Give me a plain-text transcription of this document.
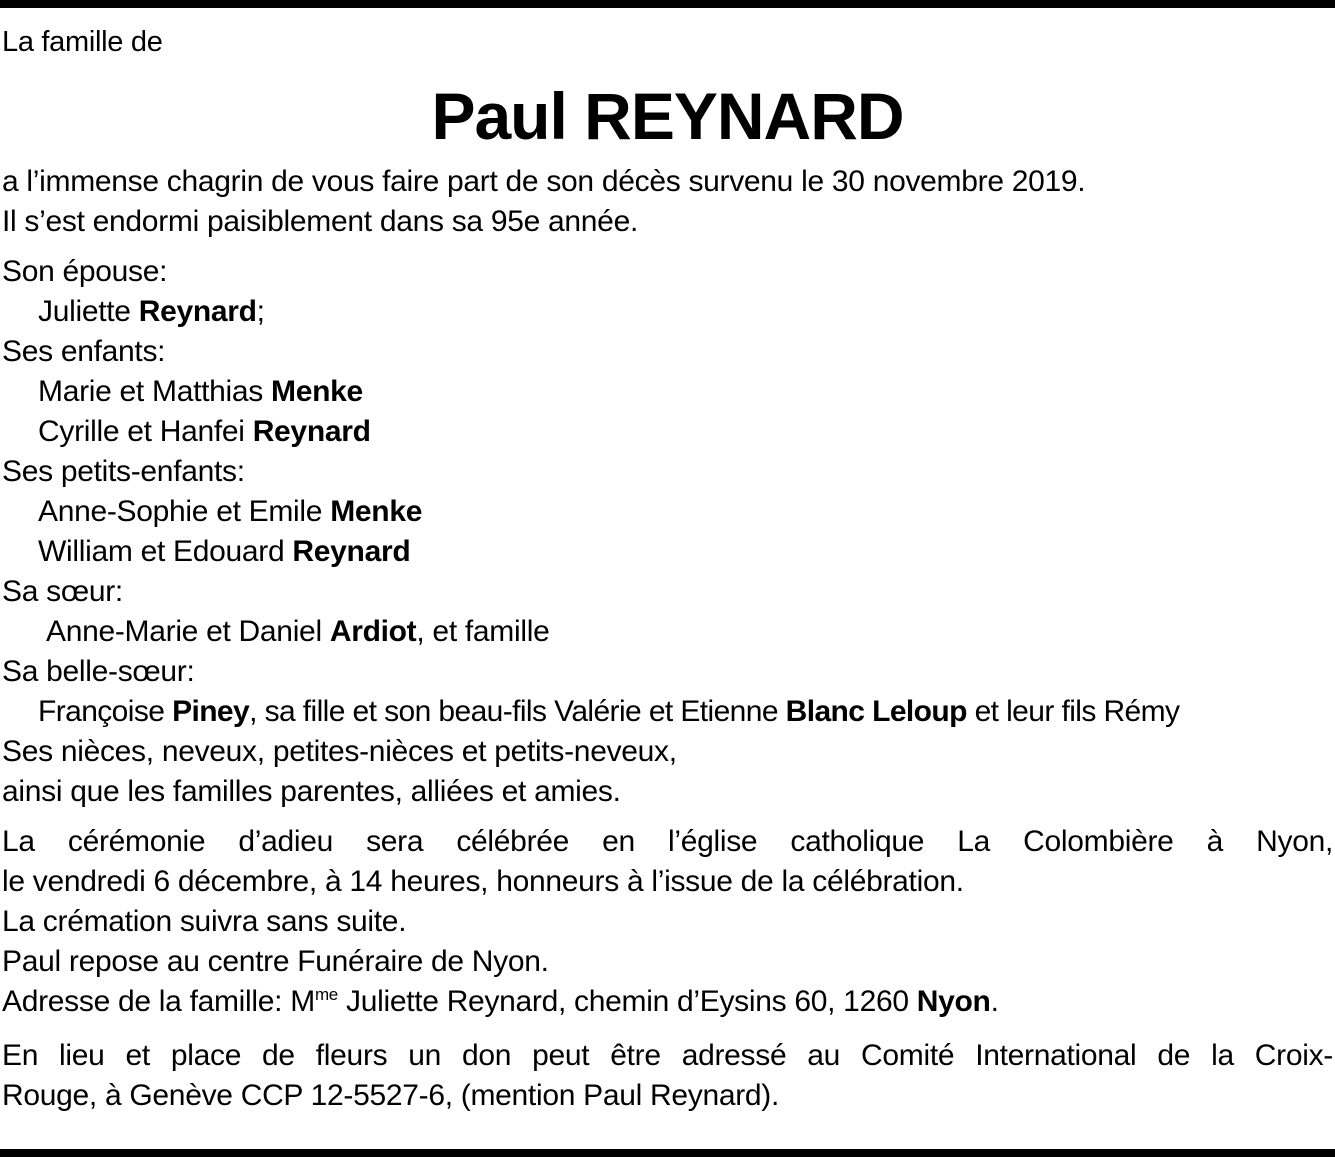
La famille de

Paul REYNARD

a l’immense chagrin de vous faire part de son décès survenu le 30 novembre 2019.

Il s’est endormi paisiblement dans sa 95e année.

Son épouse:

Juliette Reynard;

Ses enfants:

Marie et Matthias Menke

Cyrille et Hanfei Reynard

Ses petits-enfants:

Anne-Sophie et Emile Menke

William et Edouard Reynard

Sa sœur:

Anne-Marie et Daniel Ardiot, et famille

Sa belle-sœur:

Françoise Piney, sa fille et son beau-fils Valérie et Etienne Blanc Leloup et leur fils Rémy

Ses nièces, neveux, petites-nièces et petits-neveux,

ainsi que les familles parentes, alliées et amies.

La cérémonie d’adieu sera célébrée en l’église catholique La Colombière à Nyon,

le vendredi 6 décembre, à 14 heures, honneurs à l’issue de la célébration.

La crémation suivra sans suite.

Paul repose au centre Funéraire de Nyon.

Adresse de la famille: $M^{me}$ Juliette Reynard, chemin d’Eysins 60, 1260 Nyon.

En lieu et place de fleurs un don peut être adressé au Comité International de la Croix-

Rouge, à Genève CCP 12-5527-6, (mention Paul Reynard).
